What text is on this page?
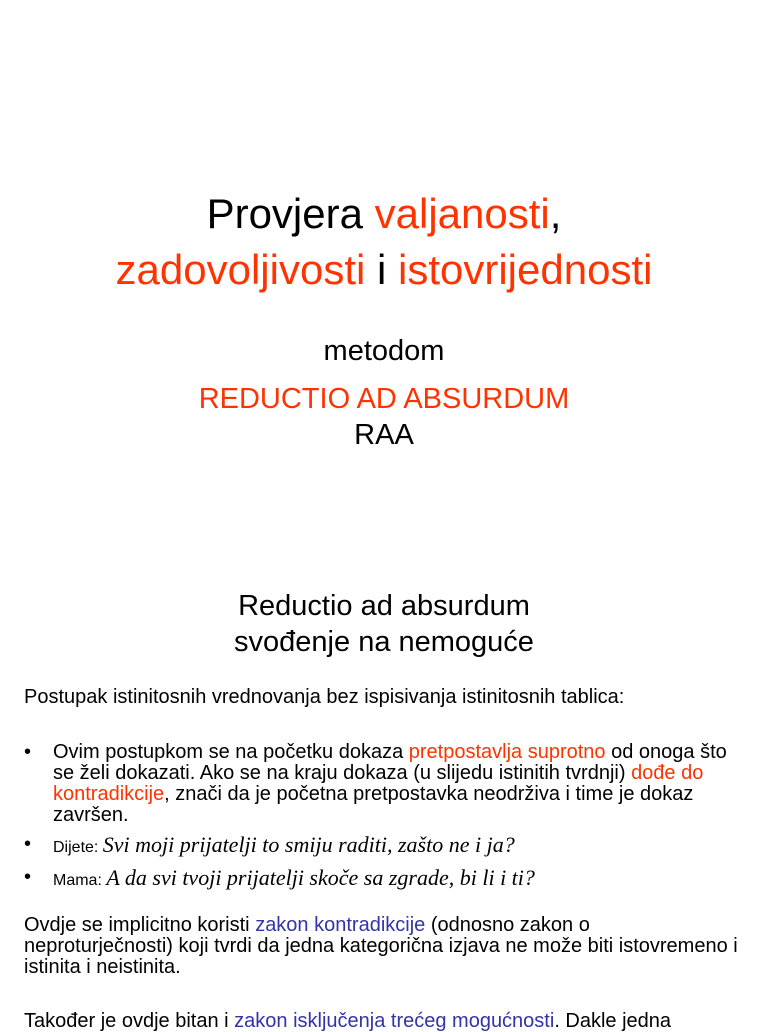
Provjera valjanosti,
zadovoljivosti i istovrijednosti
metodom
REDUCTIO AD ABSURDUM
RAA
Reductio ad absurdum
svođenje na nemoguće

Postupak istinitosnih vrednovanja bez ispisivanja istinitosnih tablica:

•	Ovim postupkom se na početku dokaza pretpostavlja suprotno od onoga što se želi dokazati. Ako se na kraju dokaza (u slijedu istinitih tvrdnji) dođe do kontradikcije, znači da je početna pretpostavka neodrživa i time je dokaz završen.
•	Dijete: Svi moji prijatelji to smiju raditi, zašto ne i ja?
•	Mama: A da svi tvoji prijatelji skoče sa zgrade, bi li i ti?

Ovdje se implicitno koristi zakon kontradikcije (odnosno zakon o neproturječnosti) koji tvrdi da jedna kategorična izjava ne može biti istovremeno i istinita i neistinita.

Također je ovdje bitan i zakon isključenja trećeg mogućnosti. Dakle jedna
